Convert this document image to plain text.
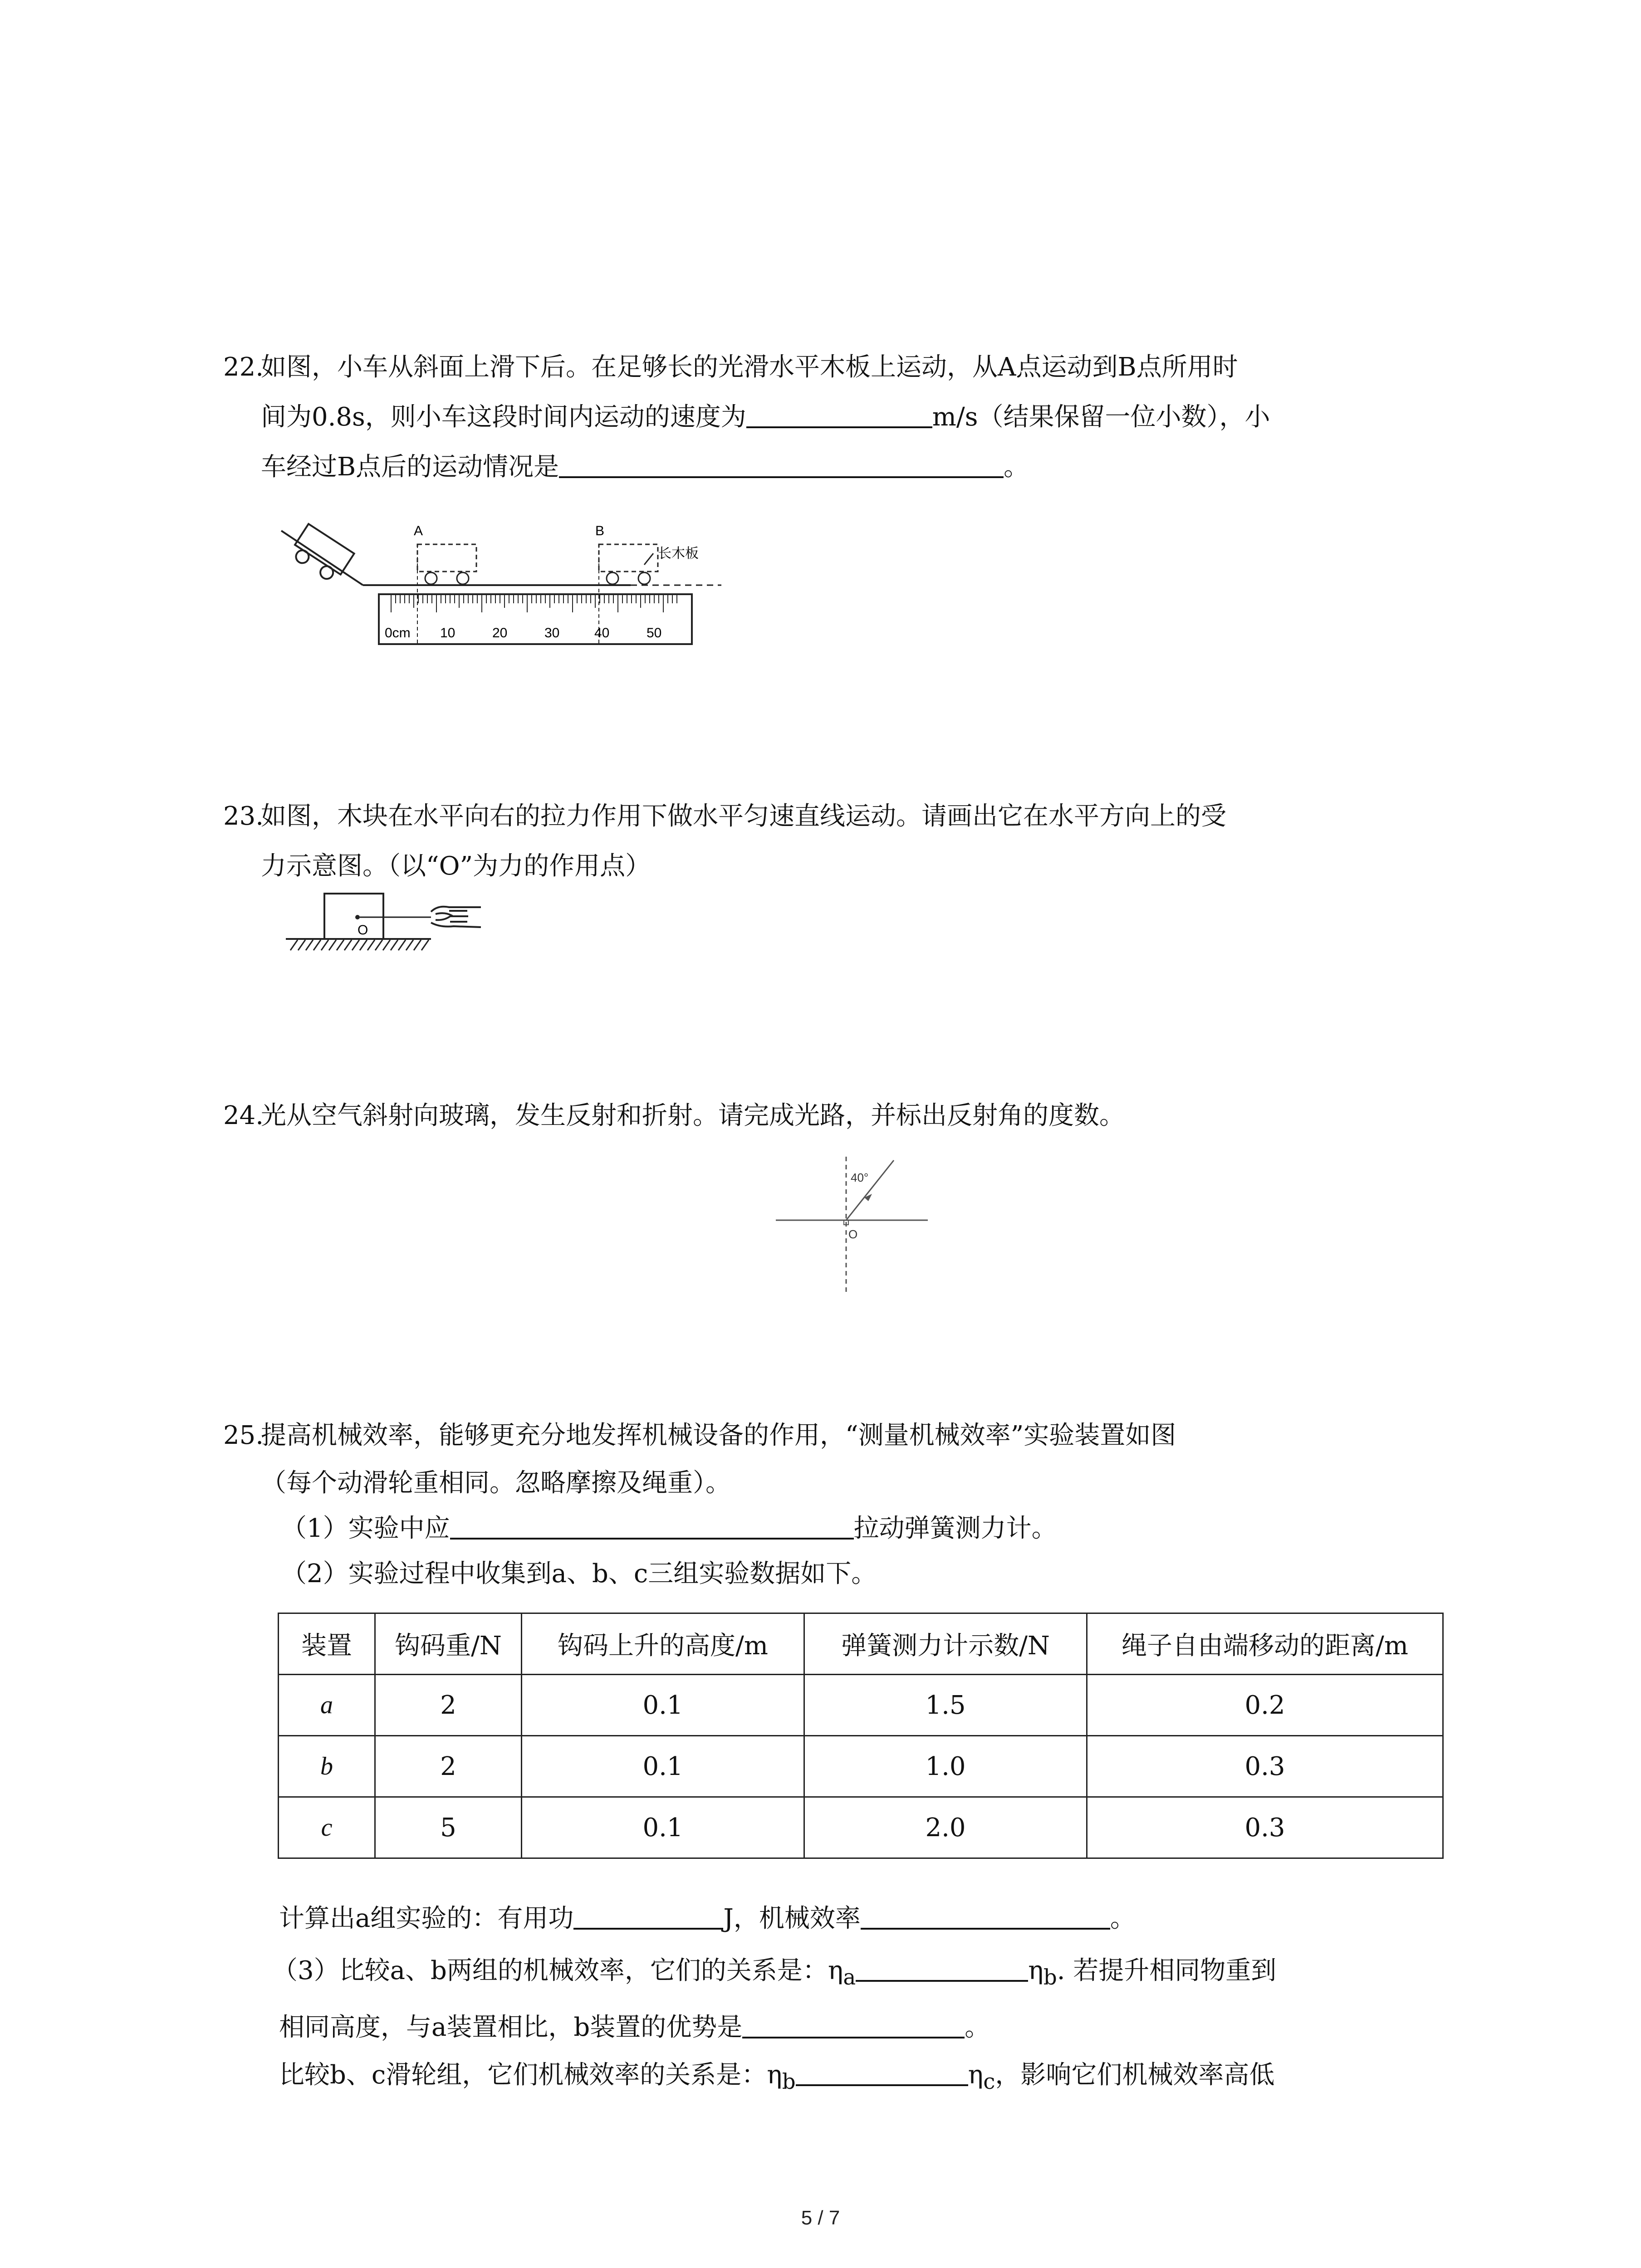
22.
如图，小车从斜面上滑下后。在足够长的光滑水平木板上运动，从A点运动到B点所用时
间为0.8s，则小车这段时间内运动的速度为	m/s（结果保留一位小数），小
车经过B点后的运动情况是	。
长木板
A	B
0cm 10	20	30	40	50
23.
如图，木块在水平向右的拉力作用下做水平匀速直线运动。请画出它在水平方向上的受
力示意图。（以“O”为力的作用点）
O
24.
光从空气斜射向玻璃，发生反射和折射。请完成光路，并标出反射角的度数。
40°
O
25.
提高机械效率，能够更充分地发挥机械设备的作用，“测量机械效率”实验装置如图
（每个动滑轮重相同。忽略摩擦及绳重）。
（1）实验中应	拉动弹簧测力计。
（2）实验过程中收集到a、b、c三组实验数据如下。
装置	钩码重/N	钩码上升的高度/m	弹簧测力计示数/N	绳子自由端移动的距离/m
a	2	0.1	1.5	0.2
b	2	0.1	1.0	0.3
c	5	0.1	2.0	0.3
计算出a组实验的：有用功	J，机械效率	。
（3）比较a、b两组的机械效率，它们的关系是：$\eta_a$	$\eta_b$. 若提升相同物重到
相同高度，与a装置相比，b装置的优势是	。
比较b、c滑轮组，它们机械效率的关系是：$\eta_b$	$\eta_c$，影响它们机械效率高低
5 / 7
